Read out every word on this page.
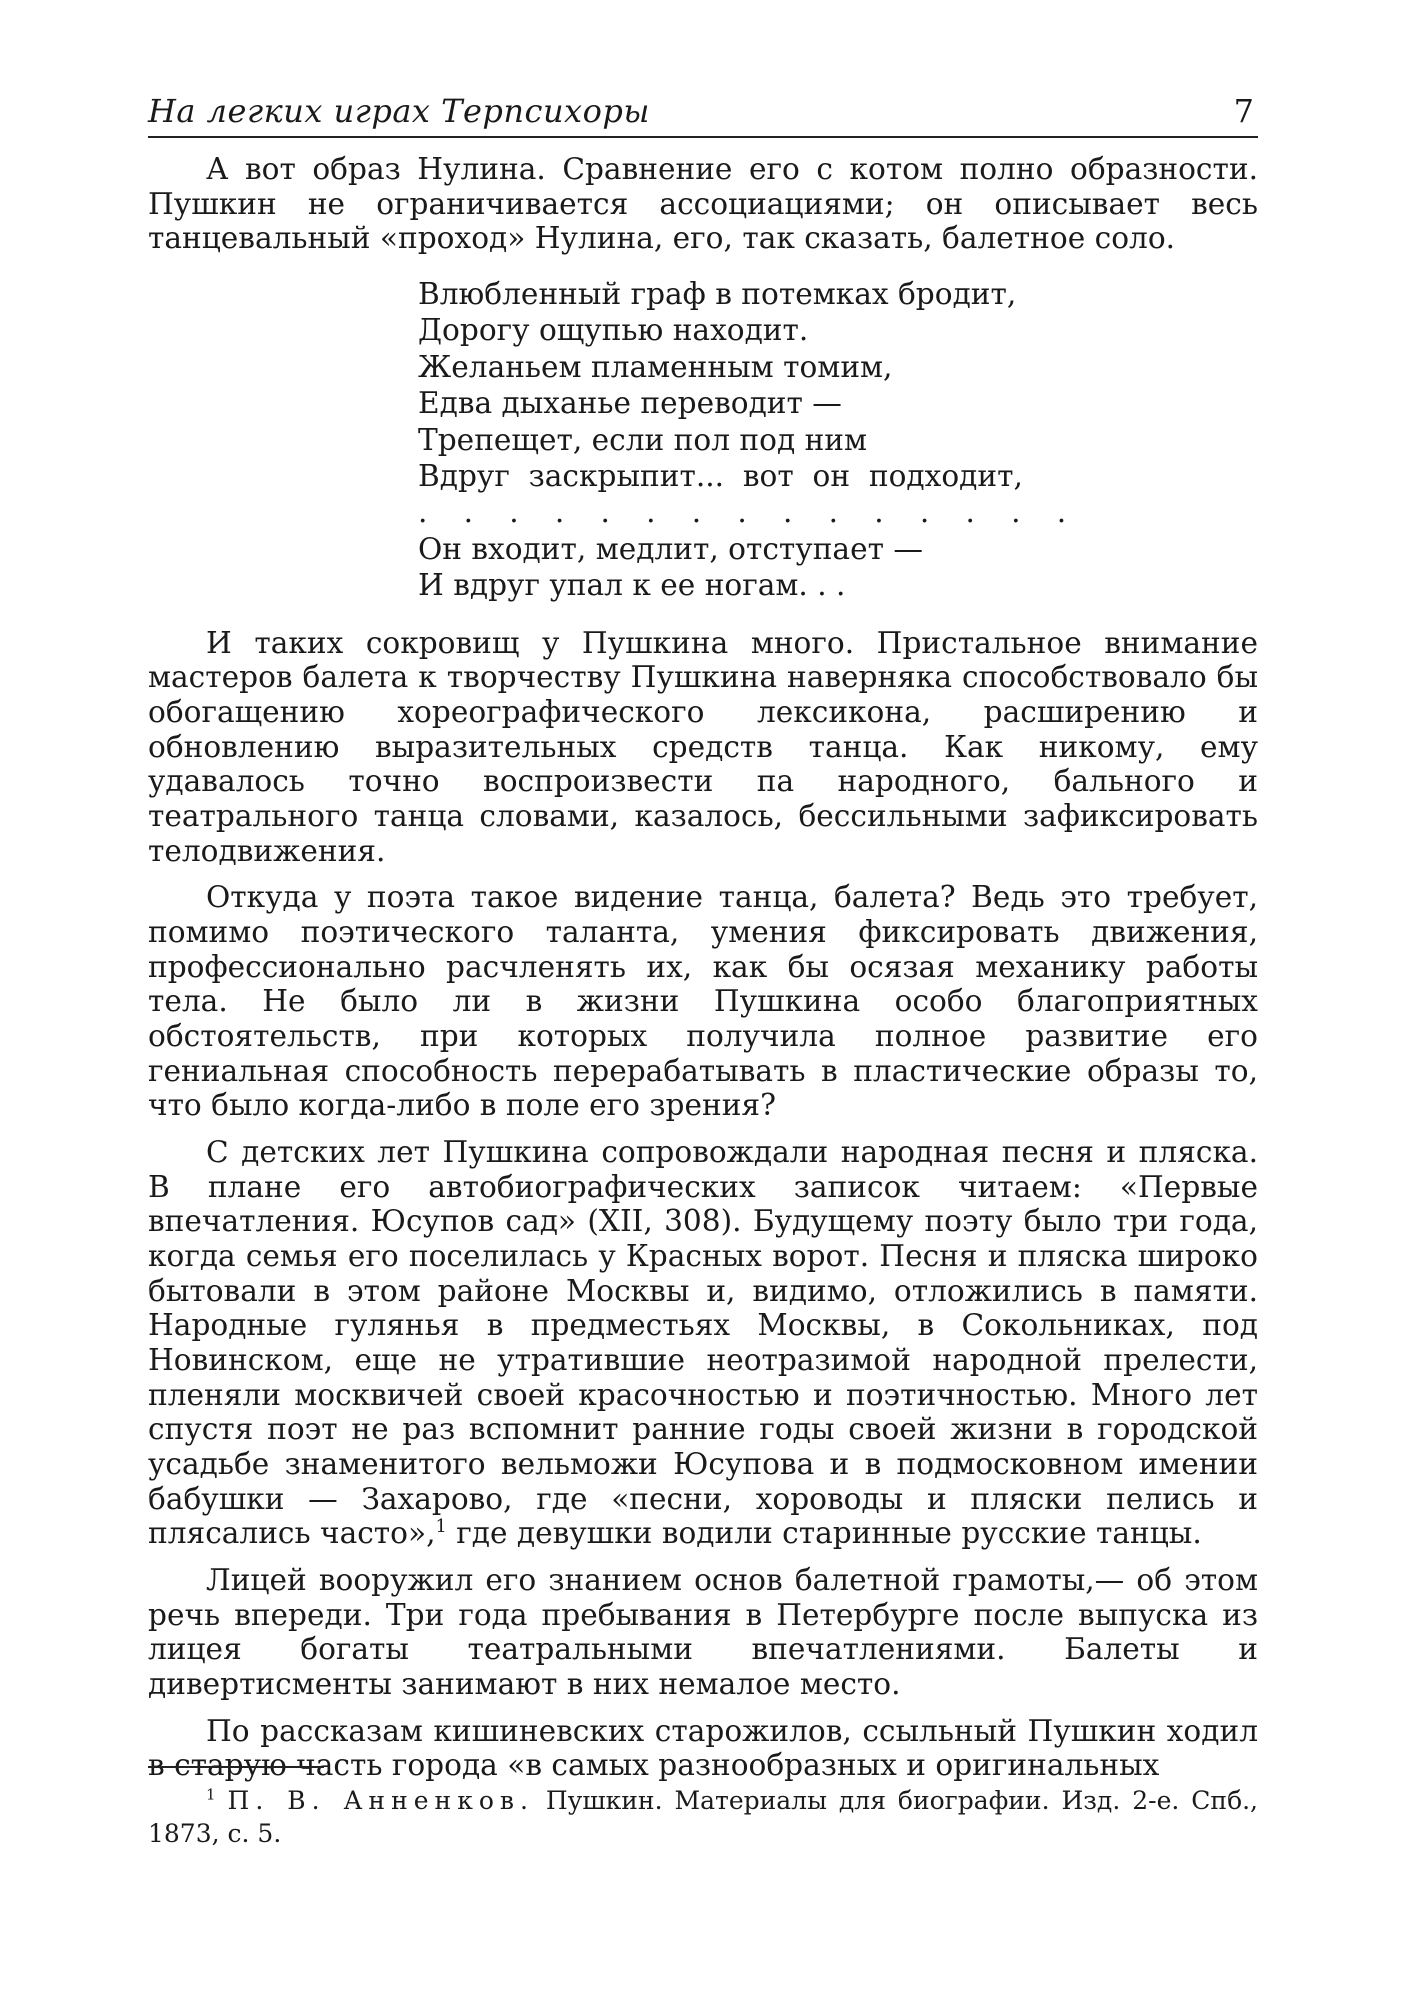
На легких играх Терпсихоры	7

А вот образ Нулина. Сравнение его с котом полно образности. Пушкин не ограничивается ассоциациями; он описывает весь танцевальный «проход» Нулина, его, так сказать, балетное соло.

Влюбленный граф в потемках бродит,
Дорогу ощупью находит.
Желаньем пламенным томим,
Едва дыханье переводит —
Трепещет, если пол под ним
Вдруг  заскрыпит...  вот  он  подходит,
.   .   .   .   .   .   .   .   .   .   .   .   .   .   .
Он входит, медлит, отступает —
И вдруг упал к ее ногам. . .

И таких сокровищ у Пушкина много. Пристальное внимание мастеров балета к творчеству Пушкина наверняка способствовало бы обогащению хореографического лексикона, расширению и обновлению выразительных средств танца. Как никому, ему удавалось точно воспроизвести па народного, бального и театрального танца словами, казалось, бессильными зафиксировать телодвижения.

Откуда у поэта такое видение танца, балета? Ведь это требует, помимо поэтического таланта, умения фиксировать движения, профессионально расчленять их, как бы осязая механику работы тела. Не было ли в жизни Пушкина особо благоприятных обстоятельств, при которых получила полное развитие его гениальная способность перерабатывать в пластические образы то, что было когда-либо в поле его зрения?

С детских лет Пушкина сопровождали народная песня и пляска. В плане его автобиографических записок читаем: «Первые впечатления. Юсупов сад» (XII, 308). Будущему поэту было три года, когда семья его поселилась у Красных ворот. Песня и пляска широко бытовали в этом районе Москвы и, видимо, отложились в памяти. Народные гулянья в предместьях Москвы, в Сокольниках, под Новинском, еще не утратившие неотразимой народной прелести, пленяли москвичей своей красочностью и поэтичностью. Много лет спустя поэт не раз вспомнит ранние годы своей жизни в городской усадьбе знаменитого вельможи Юсупова и в подмосковном имении бабушки — Захарово, где «песни, хороводы и пляски пелись и плясались часто»,$^1$ где девушки водили старинные русские танцы.

Лицей вооружил его знанием основ балетной грамоты,— об этом речь впереди. Три года пребывания в Петербурге после выпуска из лицея богаты театральными впечатлениями. Балеты и дивертисменты занимают в них немалое место.

По рассказам кишиневских старожилов, ссыльный Пушкин ходил в старую часть города «в самых разнообразных и оригинальных

$^1$ П. В. Анненков. Пушкин. Материалы для биографии. Изд. 2-е. Спб., 1873, с. 5.
